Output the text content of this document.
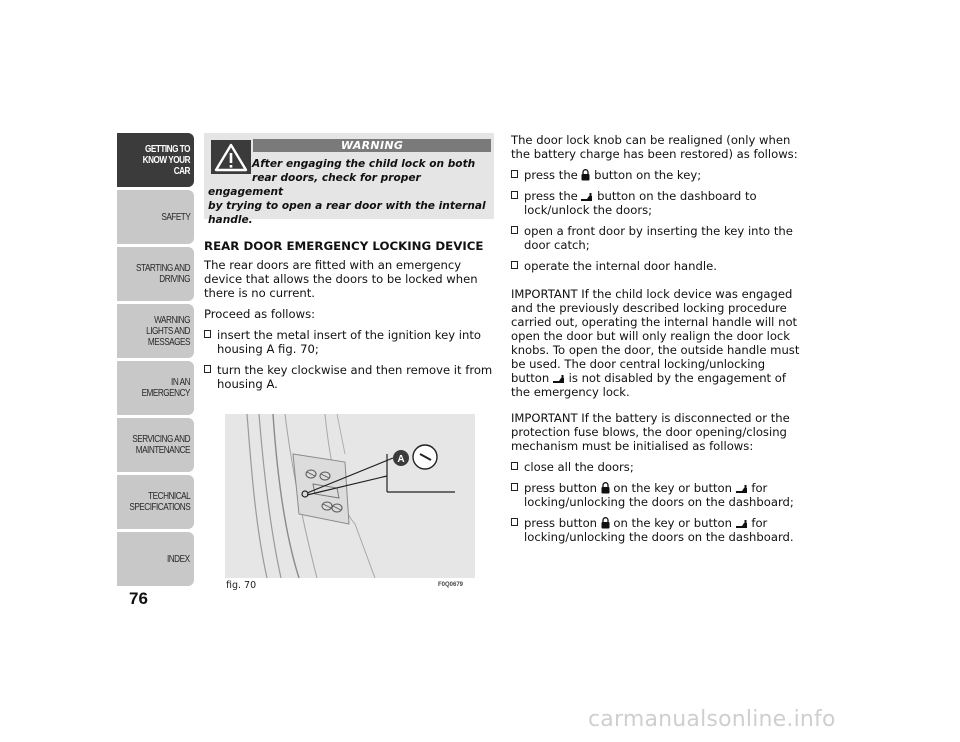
GETTING TO KNOW YOUR CAR
SAFETY
STARTING AND DRIVING
WARNING LIGHTS AND MESSAGES
IN AN EMERGENCY
SERVICING AND MAINTENANCE
TECHNICAL SPECIFICATIONS
INDEX
76
WARNING

After engaging the child lock on both
rear doors, check for proper engagement
by trying to open a rear door with the internal
handle.

REAR DOOR EMERGENCY LOCKING DEVICE

The rear doors are fitted with an emergency device that allows the doors to be locked when there is no current.

Proceed as follows:

insert the metal insert of the ignition key into housing A fig. 70;

turn the key clockwise and then remove it from housing A.

A
fig. 70	F0Q0679

The door lock knob can be realigned (only when the battery charge has been restored) as follows:

press the button on the key;

press the button on the dashboard to lock/unlock the doors;

open a front door by inserting the key into the door catch;

operate the internal door handle.

IMPORTANT If the child lock device was engaged and the previously described locking procedure carried out, operating the internal handle will not open the door but will only realign the door lock knobs. To open the door, the outside handle must be used. The door central locking/unlocking button is not disabled by the engagement of the emergency lock.

IMPORTANT If the battery is disconnected or the protection fuse blows, the door opening/closing mechanism must be initialised as follows:

close all the doors;

press button on the key or button for locking/unlocking the doors on the dashboard;

press button on the key or button for locking/unlocking the doors on the dashboard.

carmanualsonline.info
